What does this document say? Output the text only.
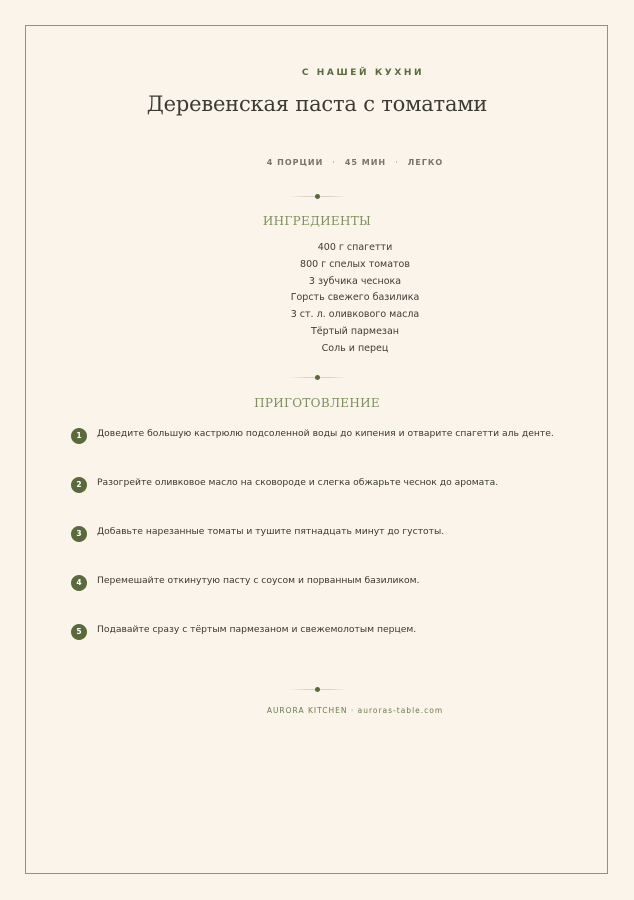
С НАШЕЙ КУХНИ
Деревенская паста с томатами
4 ПОРЦИИ · 45 МИН · ЛЕГКО
ИНГРЕДИЕНТЫ
400 г спагетти
800 г спелых томатов
3 зубчика чеснока
Горсть свежего базилика
3 ст. л. оливкового масла
Тёртый пармезан
Соль и перец
ПРИГОТОВЛЕНИЕ
1	Доведите большую кастрюлю подсоленной воды до кипения и отварите спагетти аль денте.
2	Разогрейте оливковое масло на сковороде и слегка обжарьте чеснок до аромата.
3	Добавьте нарезанные томаты и тушите пятнадцать минут до густоты.
4	Перемешайте откинутую пасту с соусом и порванным базиликом.
5	Подавайте сразу с тёртым пармезаном и свежемолотым перцем.
AURORA KITCHEN · auroras-table.com
